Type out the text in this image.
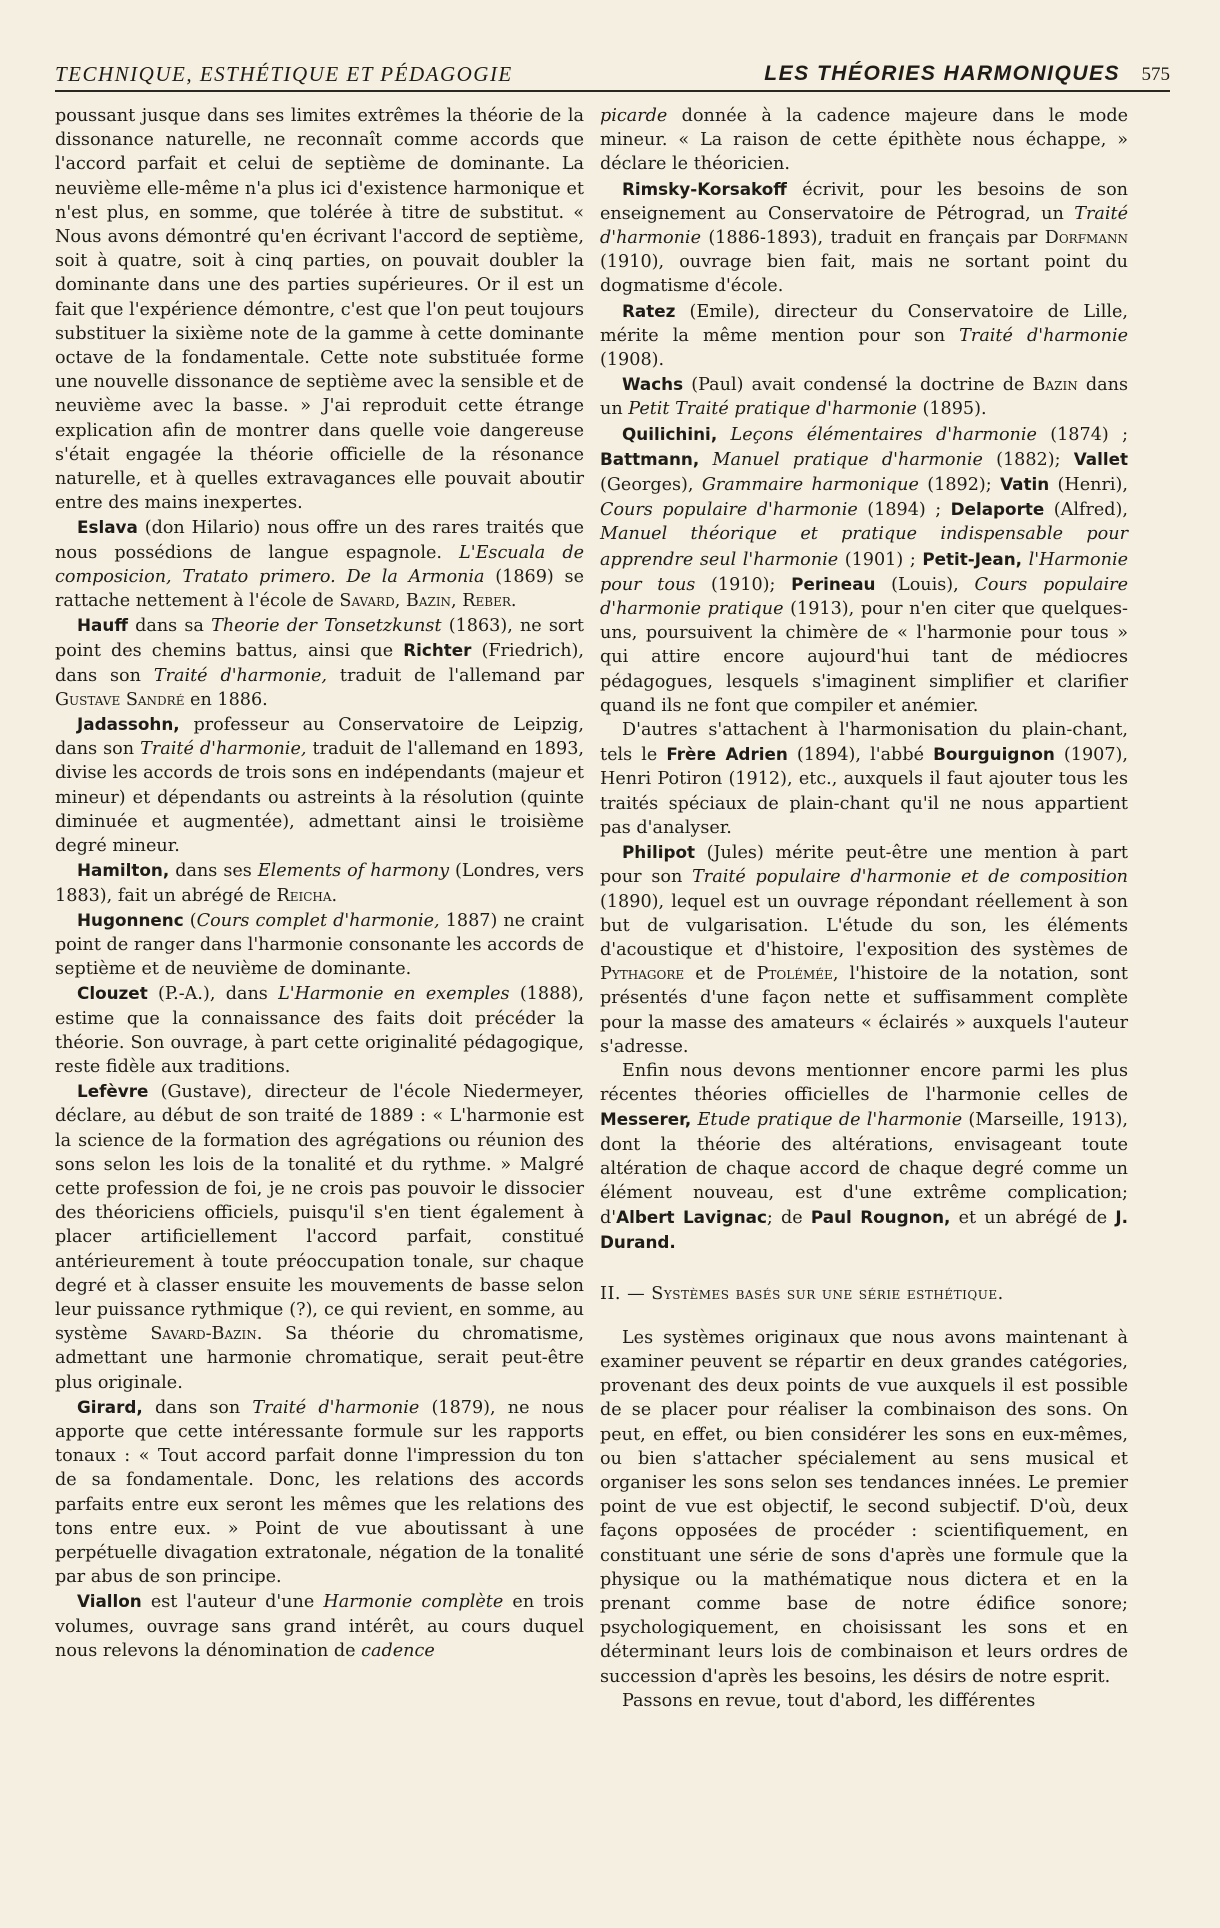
TECHNIQUE, ESTHÉTIQUE ET PÉDAGOGIE	LES THÉORIES HARMONIQUES 575

poussant jusque dans ses limites extrêmes la théorie de la dissonance naturelle, ne reconnaît comme accords que l'accord parfait et celui de septième de dominante. La neuvième elle-même n'a plus ici d'existence harmonique et n'est plus, en somme, que tolérée à titre de substitut. « Nous avons démontré qu'en écrivant l'accord de septième, soit à quatre, soit à cinq parties, on pouvait doubler la dominante dans une des parties supérieures. Or il est un fait que l'expérience démontre, c'est que l'on peut toujours substituer la sixième note de la gamme à cette dominante octave de la fondamentale. Cette note substituée forme une nouvelle dissonance de septième avec la sensible et de neuvième avec la basse. » J'ai reproduit cette étrange explication afin de montrer dans quelle voie dangereuse s'était engagée la théorie officielle de la résonance naturelle, et à quelles extravagances elle pouvait aboutir entre des mains inexpertes.

Eslava (don Hilario) nous offre un des rares traités que nous possédions de langue espagnole. L'Escuala de composicion, Tratato primero. De la Armonia (1869) se rattache nettement à l'école de Savard, Bazin, Reber.

Hauff dans sa Theorie der Tonsetzkunst (1863), ne sort point des chemins battus, ainsi que Richter (Friedrich), dans son Traité d'harmonie, traduit de l'allemand par Gustave Sandré en 1886.

Jadassohn, professeur au Conservatoire de Leipzig, dans son Traité d'harmonie, traduit de l'allemand en 1893, divise les accords de trois sons en indépendants (majeur et mineur) et dépendants ou astreints à la résolution (quinte diminuée et augmentée), admettant ainsi le troisième degré mineur.

Hamilton, dans ses Elements of harmony (Londres, vers 1883), fait un abrégé de Reicha.

Hugonnenc (Cours complet d'harmonie, 1887) ne craint point de ranger dans l'harmonie consonante les accords de septième et de neuvième de dominante.

Clouzet (P.-A.), dans L'Harmonie en exemples (1888), estime que la connaissance des faits doit précéder la théorie. Son ouvrage, à part cette originalité pédagogique, reste fidèle aux traditions.

Lefèvre (Gustave), directeur de l'école Niedermeyer, déclare, au début de son traité de 1889 : « L'harmonie est la science de la formation des agrégations ou réunion des sons selon les lois de la tonalité et du rythme. » Malgré cette profession de foi, je ne crois pas pouvoir le dissocier des théoriciens officiels, puisqu'il s'en tient également à placer artificiellement l'accord parfait, constitué antérieurement à toute préoccupation tonale, sur chaque degré et à classer ensuite les mouvements de basse selon leur puissance rythmique (?), ce qui revient, en somme, au système Savard-Bazin. Sa théorie du chromatisme, admettant une harmonie chromatique, serait peut-être plus originale.

Girard, dans son Traité d'harmonie (1879), ne nous apporte que cette intéressante formule sur les rapports tonaux : « Tout accord parfait donne l'impression du ton de sa fondamentale. Donc, les relations des accords parfaits entre eux seront les mêmes que les relations des tons entre eux. » Point de vue aboutissant à une perpétuelle divagation extratonale, négation de la tonalité par abus de son principe.

Viallon est l'auteur d'une Harmonie complète en trois volumes, ouvrage sans grand intérêt, au cours duquel nous relevons la dénomination de cadence

picarde donnée à la cadence majeure dans le mode mineur. « La raison de cette épithète nous échappe, » déclare le théoricien.

Rimsky-Korsakoff écrivit, pour les besoins de son enseignement au Conservatoire de Pétrograd, un Traité d'harmonie (1886-1893), traduit en français par Dorfmann (1910), ouvrage bien fait, mais ne sortant point du dogmatisme d'école.

Ratez (Emile), directeur du Conservatoire de Lille, mérite la même mention pour son Traité d'harmonie (1908).

Wachs (Paul) avait condensé la doctrine de Bazin dans un Petit Traité pratique d'harmonie (1895).

Quilichini, Leçons élémentaires d'harmonie (1874) ; Battmann, Manuel pratique d'harmonie (1882); Vallet (Georges), Grammaire harmonique (1892); Vatin (Henri), Cours populaire d'harmonie (1894) ; Delaporte (Alfred), Manuel théorique et pratique indispensable pour apprendre seul l'harmonie (1901) ; Petit-Jean, l'Harmonie pour tous (1910); Perineau (Louis), Cours populaire d'harmonie pratique (1913), pour n'en citer que quelques-uns, poursuivent la chimère de « l'harmonie pour tous » qui attire encore aujourd'hui tant de médiocres pédagogues, lesquels s'imaginent simplifier et clarifier quand ils ne font que compiler et anémier.

D'autres s'attachent à l'harmonisation du plain-chant, tels le Frère Adrien (1894), l'abbé Bourguignon (1907), Henri Potiron (1912), etc., auxquels il faut ajouter tous les traités spéciaux de plain-chant qu'il ne nous appartient pas d'analyser.

Philipot (Jules) mérite peut-être une mention à part pour son Traité populaire d'harmonie et de composition (1890), lequel est un ouvrage répondant réellement à son but de vulgarisation. L'étude du son, les éléments d'acoustique et d'histoire, l'exposition des systèmes de Pythagore et de Ptolémée, l'histoire de la notation, sont présentés d'une façon nette et suffisamment complète pour la masse des amateurs « éclairés » auxquels l'auteur s'adresse.

Enfin nous devons mentionner encore parmi les plus récentes théories officielles de l'harmonie celles de Messerer, Etude pratique de l'harmonie (Marseille, 1913), dont la théorie des altérations, envisageant toute altération de chaque accord de chaque degré comme un élément nouveau, est d'une extrême complication; d'Albert Lavignac; de Paul Rougnon, et un abrégé de J. Durand.

II. — Systèmes basés sur une série esthétique.

Les systèmes originaux que nous avons maintenant à examiner peuvent se répartir en deux grandes catégories, provenant des deux points de vue auxquels il est possible de se placer pour réaliser la combinaison des sons. On peut, en effet, ou bien considérer les sons en eux-mêmes, ou bien s'attacher spécialement au sens musical et organiser les sons selon ses tendances innées. Le premier point de vue est objectif, le second subjectif. D'où, deux façons opposées de procéder : scientifiquement, en constituant une série de sons d'après une formule que la physique ou la mathématique nous dictera et en la prenant comme base de notre édifice sonore; psychologiquement, en choisissant les sons et en déterminant leurs lois de combinaison et leurs ordres de succession d'après les besoins, les désirs de notre esprit.

Passons en revue, tout d'abord, les différentes
